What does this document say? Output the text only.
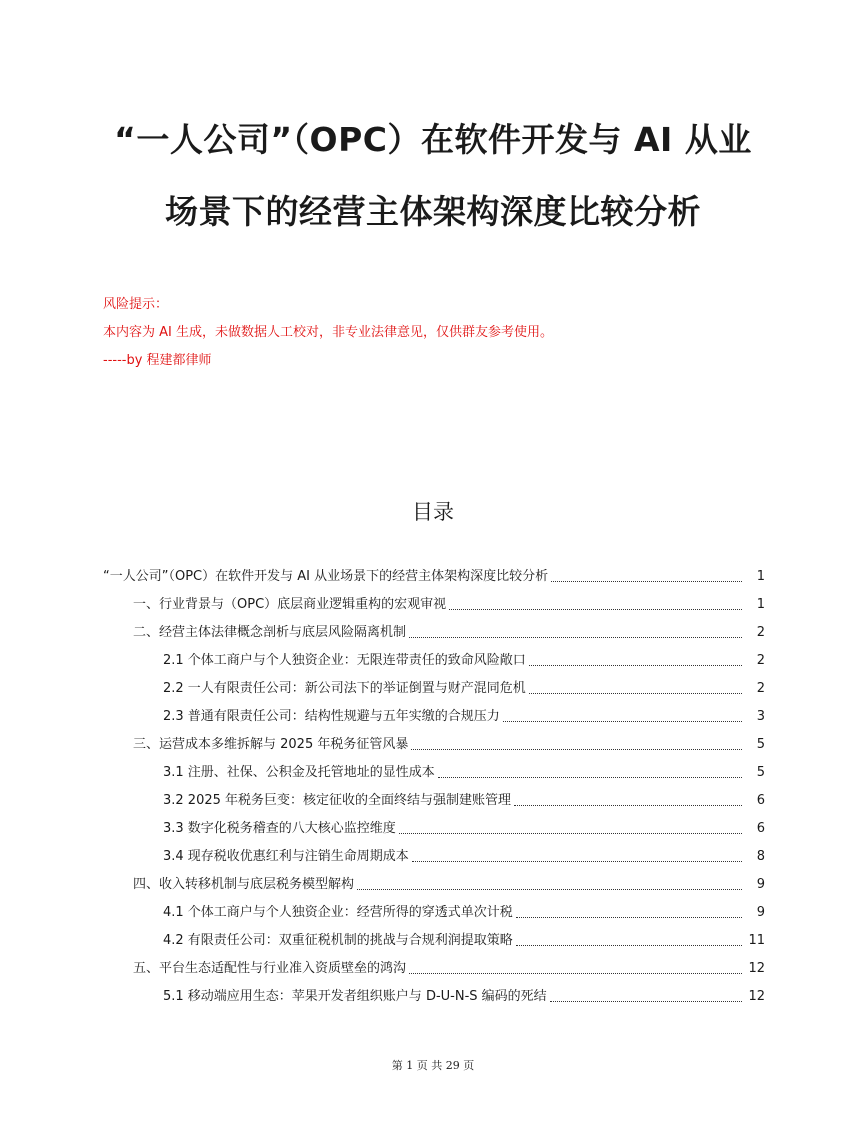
“一人公司”（OPC）在软件开发与 AI 从业
场景下的经营主体架构深度比较分析
风险提示：
本内容为 AI 生成，未做数据人工校对，非专业法律意见，仅供群友参考使用。
-----by 程建都律师
目录
“一人公司”（OPC）在软件开发与 AI 从业场景下的经营主体架构深度比较分析	1
一、行业背景与（OPC）底层商业逻辑重构的宏观审视	1
二、经营主体法律概念剖析与底层风险隔离机制	2
2.1 个体工商户与个人独资企业：无限连带责任的致命风险敞口	2
2.2 一人有限责任公司：新公司法下的举证倒置与财产混同危机	2
2.3 普通有限责任公司：结构性规避与五年实缴的合规压力	3
三、运营成本多维拆解与 2025 年税务征管风暴	5
3.1 注册、社保、公积金及托管地址的显性成本	5
3.2 2025 年税务巨变：核定征收的全面终结与强制建账管理	6
3.3 数字化税务稽查的八大核心监控维度	6
3.4 现存税收优惠红利与注销生命周期成本	8
四、收入转移机制与底层税务模型解构	9
4.1 个体工商户与个人独资企业：经营所得的穿透式单次计税	9
4.2 有限责任公司：双重征税机制的挑战与合规利润提取策略	11
五、平台生态适配性与行业准入资质壁垒的鸿沟	12
5.1 移动端应用生态：苹果开发者组织账户与 D-U-N-S 编码的死结	12
第 1 页 共 29 页
